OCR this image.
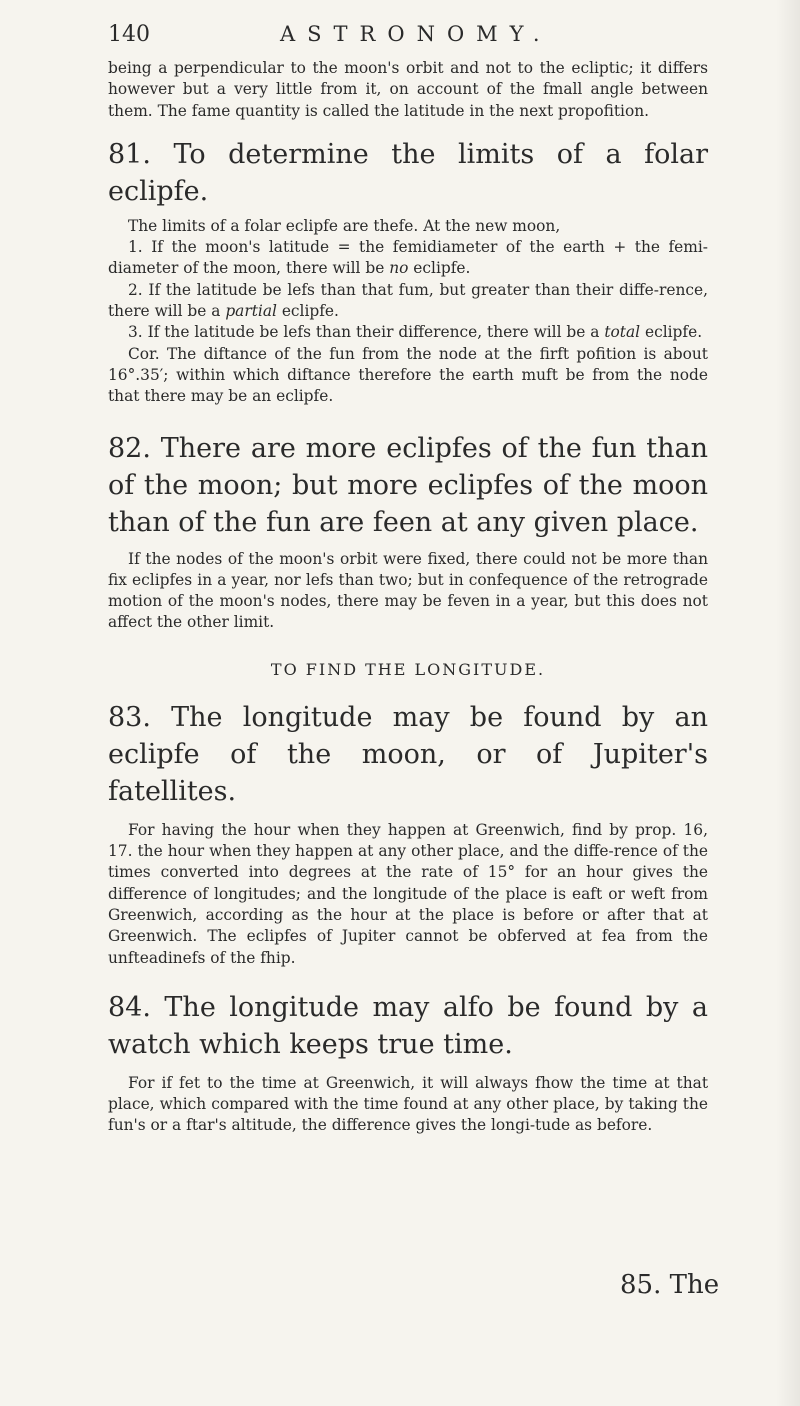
140	ASTRONOMY.

being a perpendicular to the moon's orbit and not to the ecliptic; it differs however but a very little from it, on account of the fmall angle between them. The fame quantity is called the latitude in the next propofition.

81. To determine the limits of a folar eclipfe.

The limits of a folar eclipfe are thefe. At the new moon,

1. If the moon's latitude = the femidiameter of the earth + the femi-diameter of the moon, there will be no eclipfe.

2. If the latitude be lefs than that fum, but greater than their diffe-rence, there will be a partial eclipfe.

3. If the latitude be lefs than their difference, there will be a total eclipfe.

Cor. The diftance of the fun from the node at the firft pofition is about 16°.35′; within which diftance therefore the earth muft be from the node that there may be an eclipfe.

82. There are more eclipfes of the fun than of the moon; but more eclipfes of the moon than of the fun are feen at any given place.

If the nodes of the moon's orbit were fixed, there could not be more than fix eclipfes in a year, nor lefs than two; but in confequence of the retrograde motion of the moon's nodes, there may be feven in a year, but this does not affect the other limit.

TO FIND THE LONGITUDE.
83. The longitude may be found by an eclipfe of the moon, or of Jupiter's fatellites.

For having the hour when they happen at Greenwich, find by prop. 16, 17. the hour when they happen at any other place, and the diffe-rence of the times converted into degrees at the rate of 15° for an hour gives the difference of longitudes; and the longitude of the place is eaft or weft from Greenwich, according as the hour at the place is before or after that at Greenwich. The eclipfes of Jupiter cannot be obferved at fea from the unfteadinefs of the fhip.

84. The longitude may alfo be found by a watch which keeps true time.

For if fet to the time at Greenwich, it will always fhow the time at that place, which compared with the time found at any other place, by taking the fun's or a ftar's altitude, the difference gives the longi-tude as before.

85. The
